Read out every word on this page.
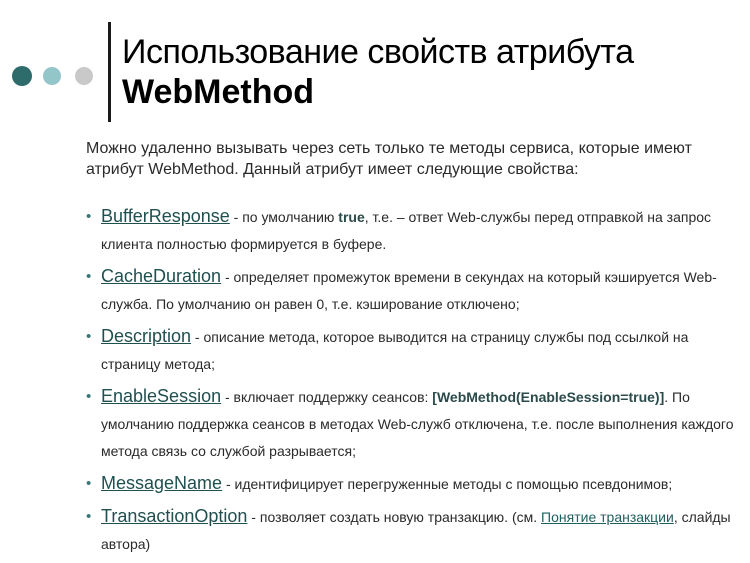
Использование свойств атрибута
WebMethod
Можно удаленно вызывать через сеть только те методы сервиса, которые имеют атрибут WebMethod. Данный атрибут имеет следующие свойства:
• BufferResponse - по умолчанию true, т.е. – ответ Web-службы перед отправкой на запрос клиента полностью формируется в буфере.
• CacheDuration - определяет промежуток времени в секундах на который кэшируется Web-служба. По умолчанию он равен 0, т.е. кэширование отключено;
• Description - описание метода, которое выводится на страницу службы под ссылкой на страницу метода;
• EnableSession - включает поддержку сеансов: [WebMethod(EnableSession=true)]. По умолчанию поддержка сеансов в методах Web-служб отключена, т.е. после выполнения каждого метода связь со службой разрывается;
• MessageName - идентифицирует перегруженные методы с помощью псевдонимов;
• TransactionOption - позволяет создать новую транзакцию. (см. Понятие транзакции, слайды автора)
